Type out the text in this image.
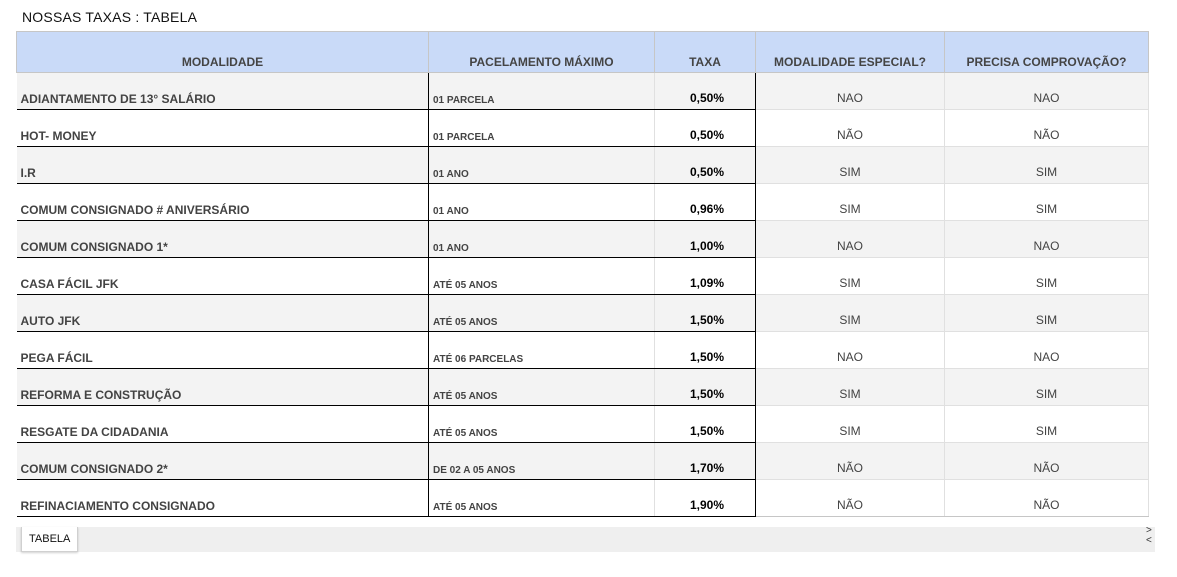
NOSSAS TAXAS : TABELA
MODALIDADE	PACELAMENTO MÁXIMO	TAXA	MODALIDADE ESPECIAL?	PRECISA COMPROVAÇÃO?
ADIANTAMENTO DE 13° SALÁRIO	01 PARCELA	0,50%	NAO	NAO
HOT- MONEY	01 PARCELA	0,50%	NÃO	NÃO
I.R	01 ANO	0,50%	SIM	SIM
COMUM CONSIGNADO # ANIVERSÁRIO	01 ANO	0,96%	SIM	SIM
COMUM CONSIGNADO 1*	01 ANO	1,00%	NAO	NAO
CASA FÁCIL JFK	ATÉ 05 ANOS	1,09%	SIM	SIM
AUTO JFK	ATÉ 05 ANOS	1,50%	SIM	SIM
PEGA FÁCIL	ATÉ 06 PARCELAS	1,50%	NAO	NAO
REFORMA E CONSTRUÇÃO	ATÉ 05 ANOS	1,50%	SIM	SIM
RESGATE DA CIDADANIA	ATÉ 05 ANOS	1,50%	SIM	SIM
COMUM CONSIGNADO 2*	DE 02 A 05 ANOS	1,70%	NÃO	NÃO
REFINACIAMENTO CONSIGNADO	ATÉ 05 ANOS	1,90%	NÃO	NÃO
TABELA
>
<
